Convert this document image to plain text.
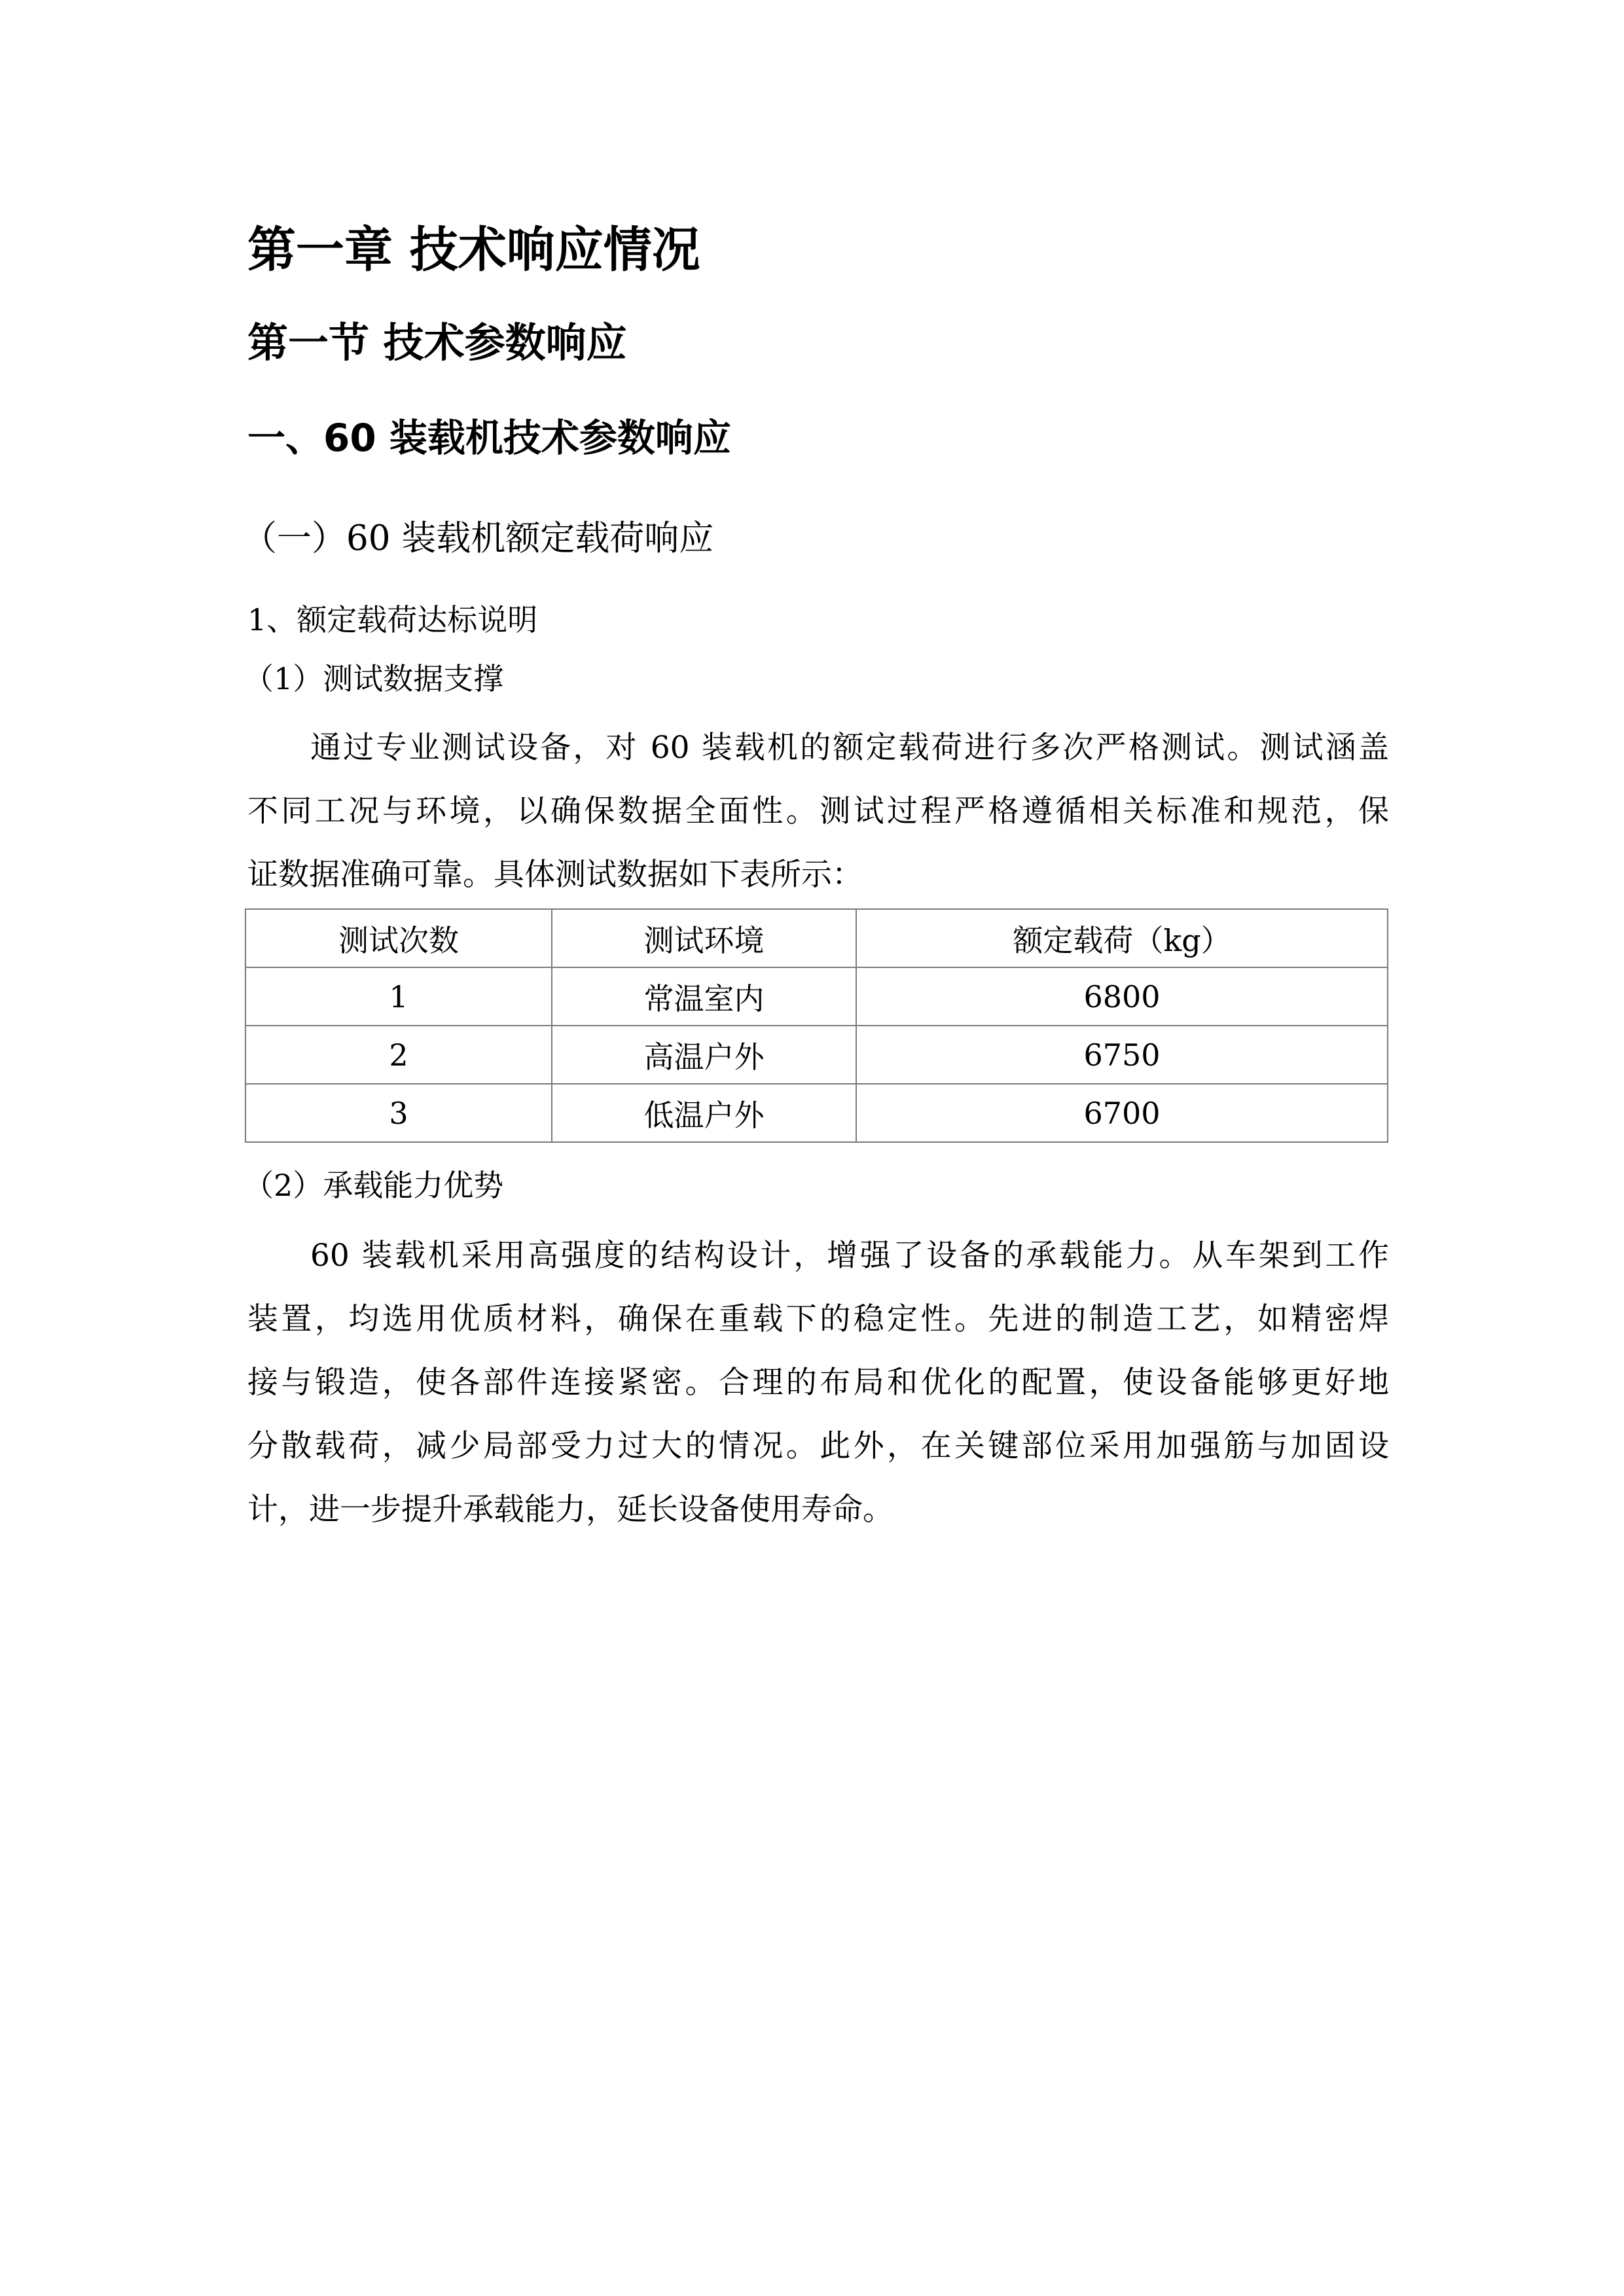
第一章 技术响应情况
第一节 技术参数响应
一、60 装载机技术参数响应
（一）60 装载机额定载荷响应
1、额定载荷达标说明
（1）测试数据支撑
通过专业测试设备，对 60 装载机的额定载荷进行多次严格测试。测试涵盖
不同工况与环境，以确保数据全面性。测试过程严格遵循相关标准和规范，保
证数据准确可靠。具体测试数据如下表所示：
测试次数	测试环境	额定载荷（kg）
1	常温室内	6800
2	高温户外	6750
3	低温户外	6700
（2）承载能力优势
60 装载机采用高强度的结构设计，增强了设备的承载能力。从车架到工作
装置，均选用优质材料，确保在重载下的稳定性。先进的制造工艺，如精密焊
接与锻造，使各部件连接紧密。合理的布局和优化的配置，使设备能够更好地
分散载荷，减少局部受力过大的情况。此外，在关键部位采用加强筋与加固设
计，进一步提升承载能力，延长设备使用寿命。
